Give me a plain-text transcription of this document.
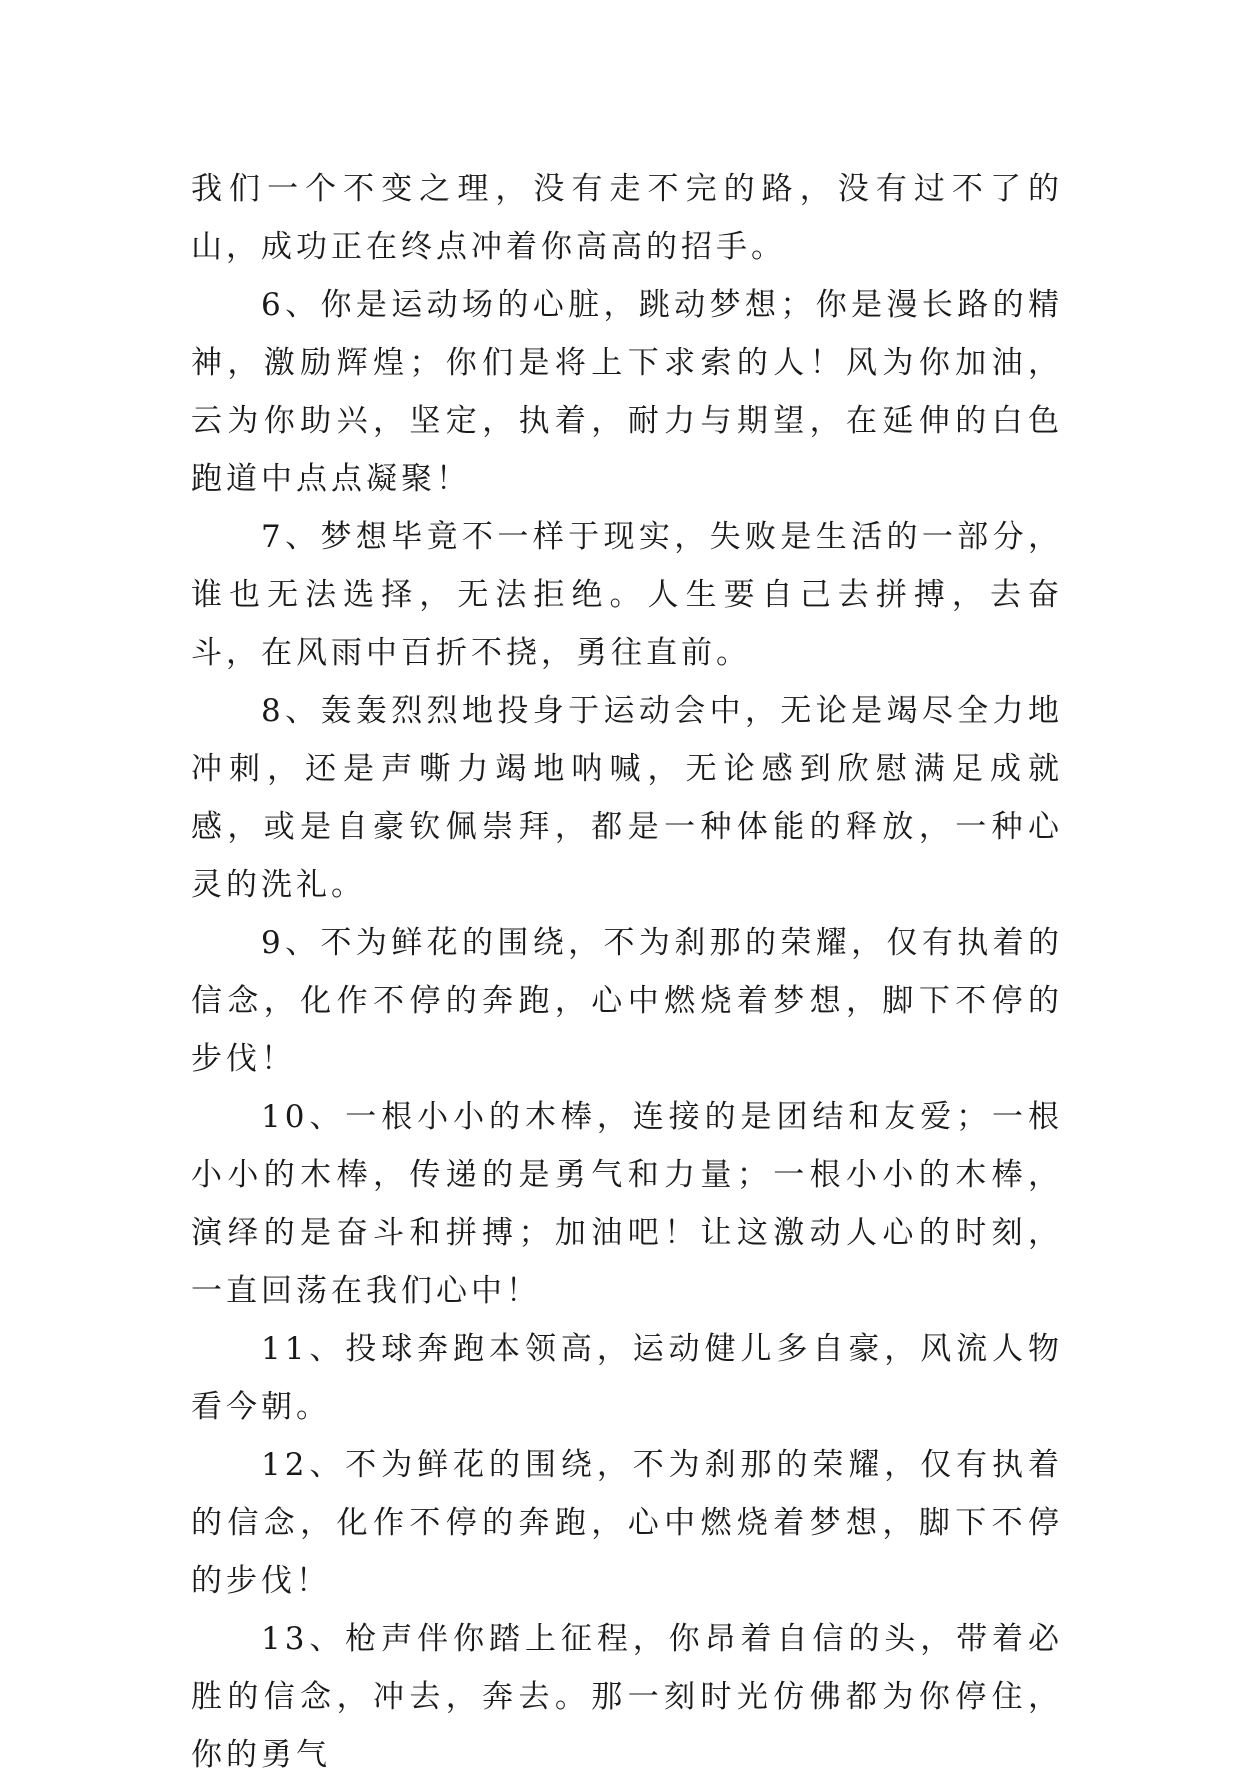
我们一个不变之理，没有走不完的路，没有过不了的山，成功正在终点冲着你高高的招手。

6、你是运动场的心脏，跳动梦想；你是漫长路的精神，激励辉煌；你们是将上下求索的人！风为你加油，云为你助兴，坚定，执着，耐力与期望，在延伸的白色跑道中点点凝聚！

7、梦想毕竟不一样于现实，失败是生活的一部分，谁也无法选择，无法拒绝。人生要自己去拼搏，去奋斗，在风雨中百折不挠，勇往直前。

8、轰轰烈烈地投身于运动会中，无论是竭尽全力地冲刺，还是声嘶力竭地呐喊，无论感到欣慰满足成就感，或是自豪钦佩崇拜，都是一种体能的释放，一种心灵的洗礼。

9、不为鲜花的围绕，不为刹那的荣耀，仅有执着的信念，化作不停的奔跑，心中燃烧着梦想，脚下不停的步伐！

10、一根小小的木棒，连接的是团结和友爱；一根小小的木棒，传递的是勇气和力量；一根小小的木棒，演绎的是奋斗和拼搏；加油吧！让这激动人心的时刻，一直回荡在我们心中！

11、投球奔跑本领高，运动健儿多自豪，风流人物看今朝。

12、不为鲜花的围绕，不为刹那的荣耀，仅有执着的信念，化作不停的奔跑，心中燃烧着梦想，脚下不停的步伐！

13、枪声伴你踏上征程，你昂着自信的头，带着必胜的信念，冲去，奔去。那一刻时光仿佛都为你停住，你的勇气
